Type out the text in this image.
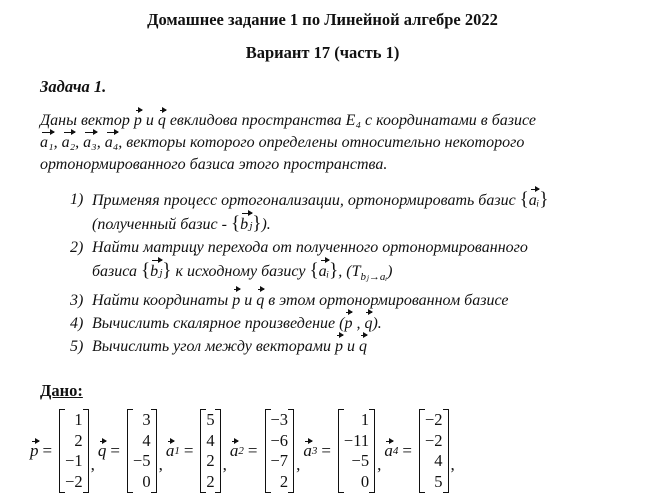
Домашнее задание 1 по Линейной алгебре 2022
Вариант 17 (часть 1)
Задача 1.
Даны вектор p и q евклидова пространства E₄ с координатами в базисе
a₁, a₂, a₃, a₄, векторы которого определены относительно некоторого
ортонормированного базиса этого пространства.
1) Применяя процесс ортогонализации, ортонормировать базис {aᵢ}
(полученный базис - {bⱼ}).
2) Найти матрицу перехода от полученного ортонормированного
базиса {bⱼ} к исходному базису {aᵢ}, $(T_{bⱼ\to aᵢ})$
3) Найти координаты p и q в этом ортонормированном базисе
4) Вычислить скалярное произведение (p , q).
5) Вычислить угол между векторами p и q
Дано:
p =
1
2
−1
−2
,
q =
3
4
−5
0
,
a 1 =
5
4
2
2
,
a 2 =
−3
−6
−7
2
,
a 3 =
1
−11
−5
0
,
a 4 =
−2
−2
4
5
,
